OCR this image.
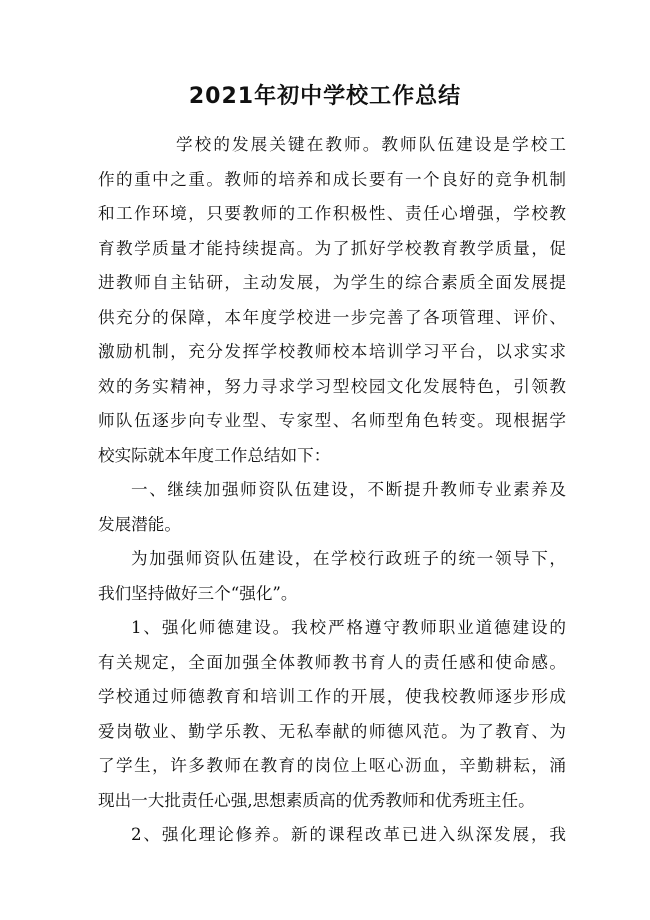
2021年初中学校工作总结
学校的发展关键在教师。教师队伍建设是学校工
作的重中之重。教师的培养和成长要有一个良好的竞争机制
和工作环境，只要教师的工作积极性、责任心增强，学校教
育教学质量才能持续提高。为了抓好学校教育教学质量，促
进教师自主钻研，主动发展，为学生的综合素质全面发展提
供充分的保障，本年度学校进一步完善了各项管理、评价、
激励机制，充分发挥学校教师校本培训学习平台，以求实求
效的务实精神，努力寻求学习型校园文化发展特色，引领教
师队伍逐步向专业型、专家型、名师型角色转变。现根据学
校实际就本年度工作总结如下：
一、继续加强师资队伍建设，不断提升教师专业素养及
发展潜能。
为加强师资队伍建设，在学校行政班子的统一领导下，
我们坚持做好三个“强化”。
1、强化师德建设。我校严格遵守教师职业道德建设的
有关规定，全面加强全体教师教书育人的责任感和使命感。
学校通过师德教育和培训工作的开展，使我校教师逐步形成
爱岗敬业、勤学乐教、无私奉献的师德风范。为了教育、为
了学生，许多教师在教育的岗位上呕心沥血，辛勤耕耘，涌
现出一大批责任心强,思想素质高的优秀教师和优秀班主任。
2、强化理论修养。新的课程改革已进入纵深发展，我
